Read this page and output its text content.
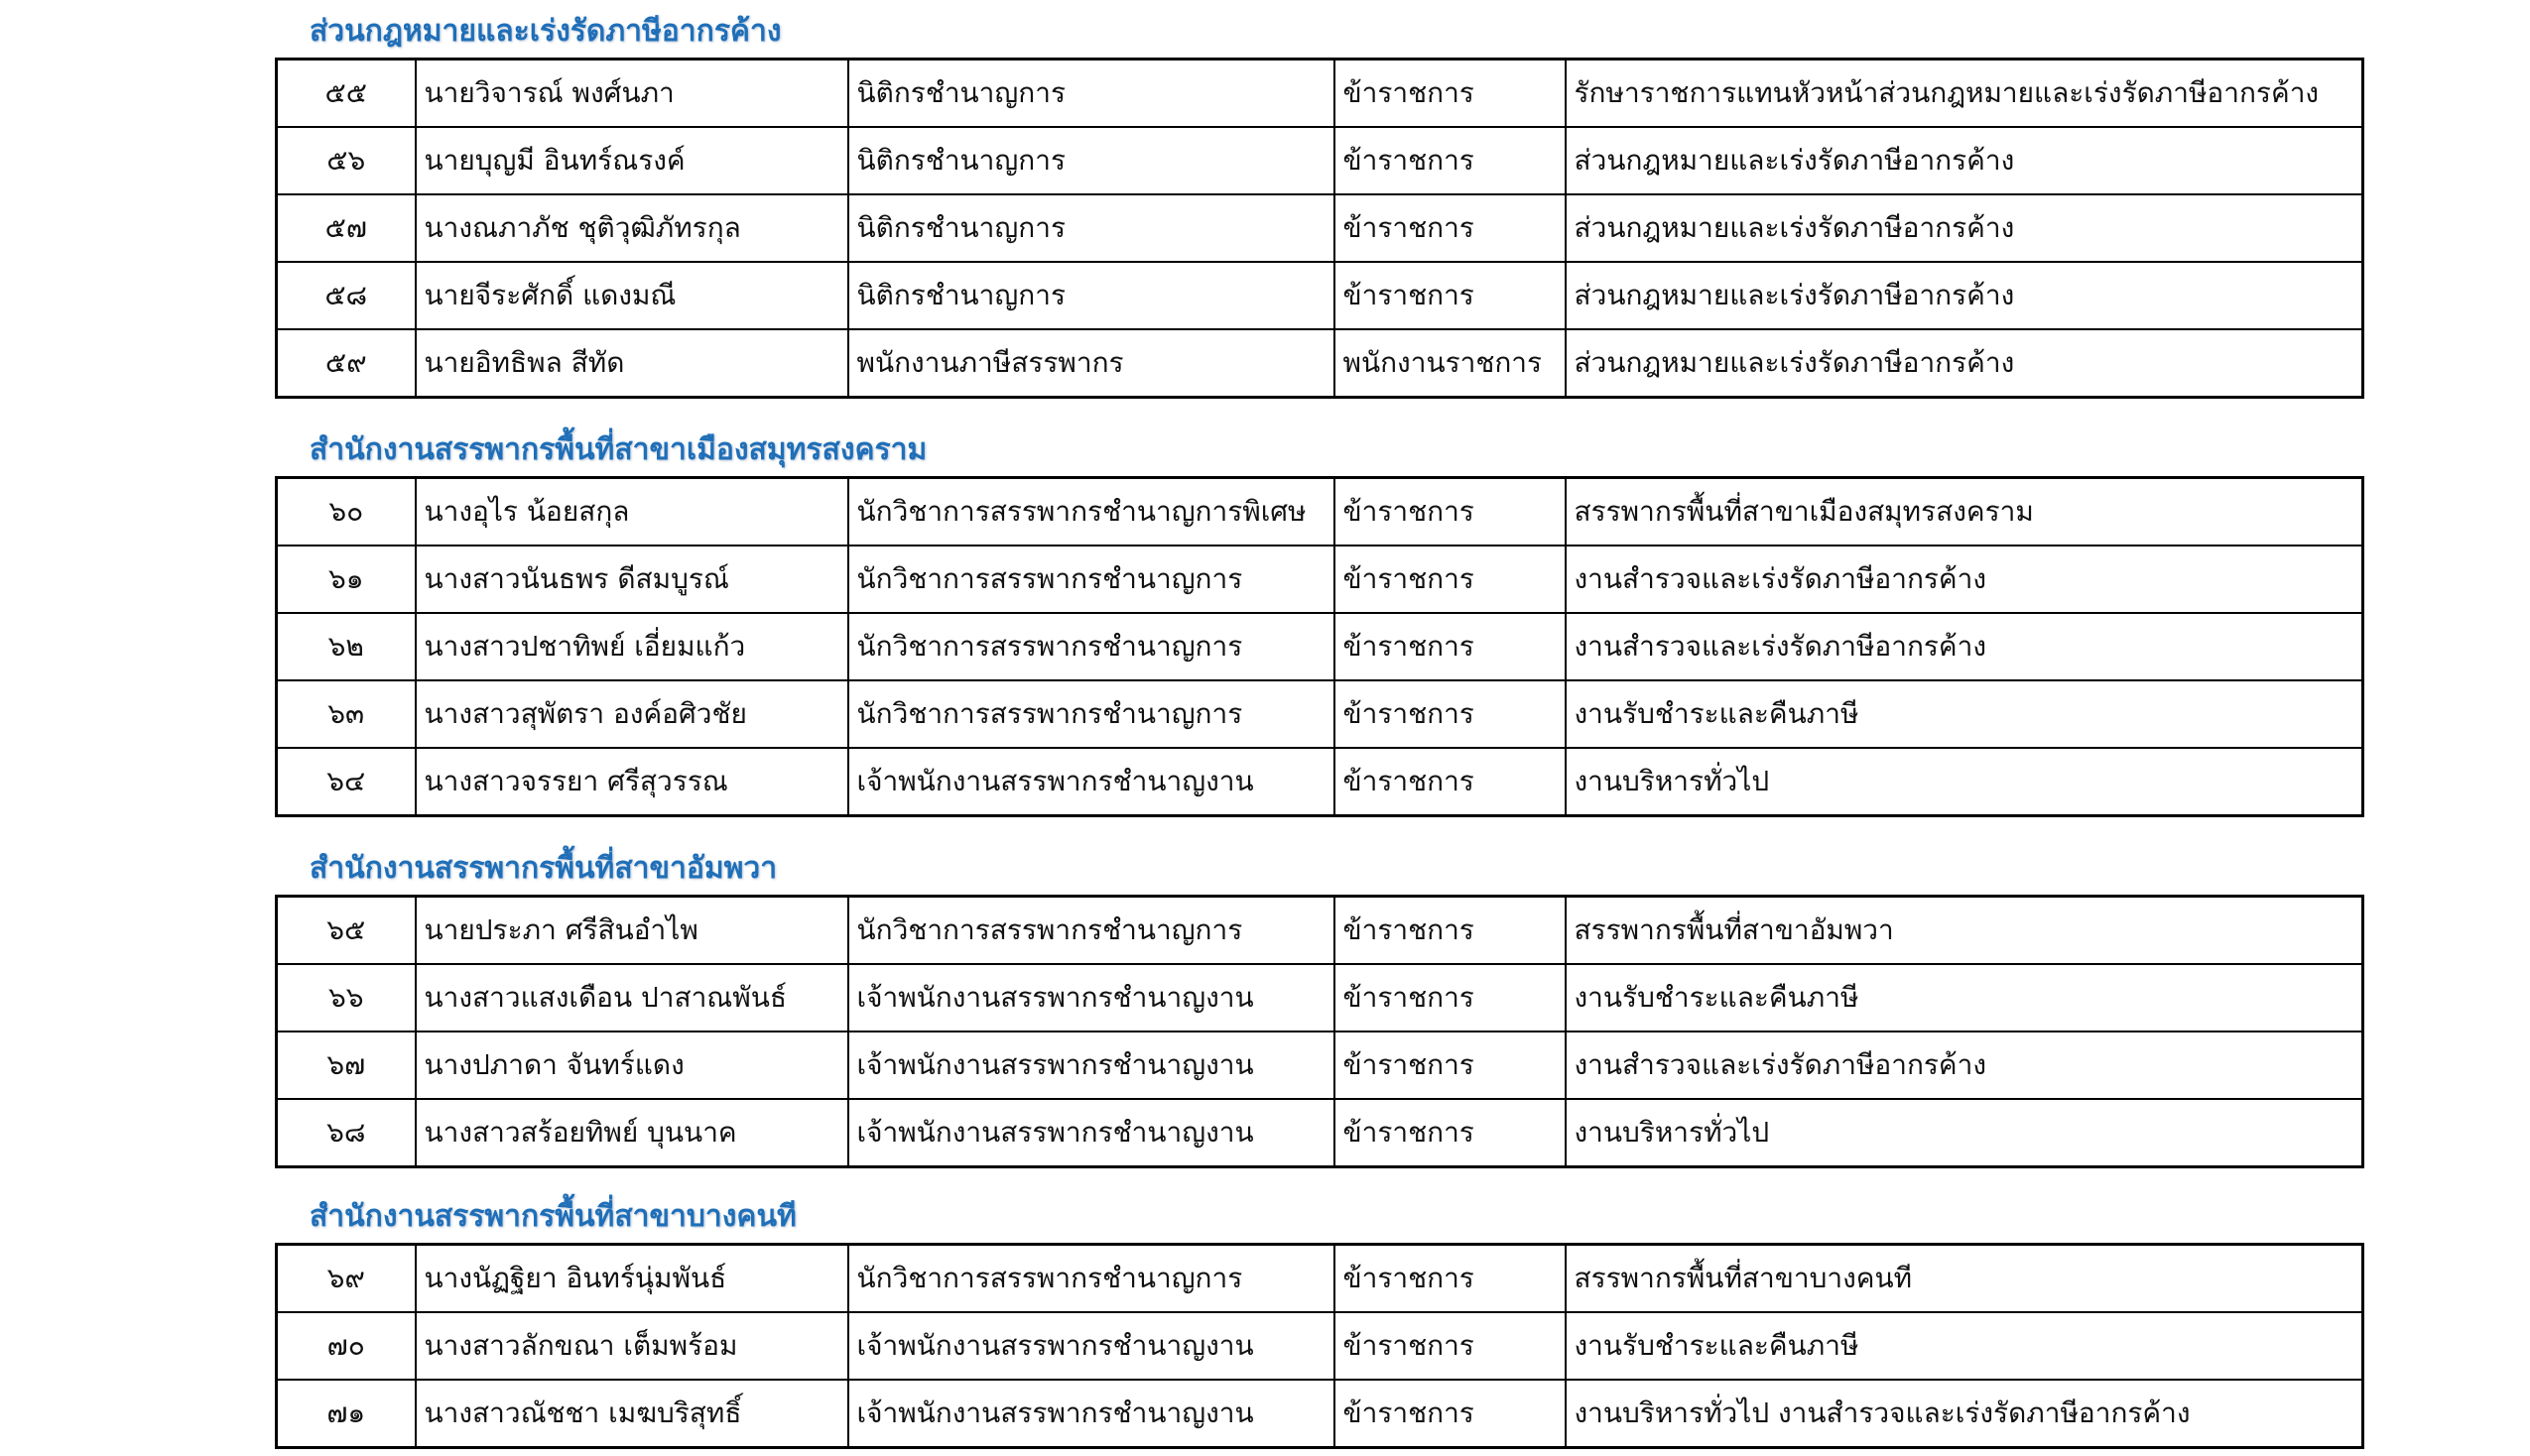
ส่วนกฎหมายและเร่งรัดภาษีอากรค้าง
๕๕	นายวิจารณ์ พงศ์นภา	นิติกรชำนาญการ	ข้าราชการ	รักษาราชการแทนหัวหน้าส่วนกฎหมายและเร่งรัดภาษีอากรค้าง
๕๖	นายบุญมี อินทร์ณรงค์	นิติกรชำนาญการ	ข้าราชการ	ส่วนกฎหมายและเร่งรัดภาษีอากรค้าง
๕๗	นางณภาภัช ชุติวุฒิภัทรกุล	นิติกรชำนาญการ	ข้าราชการ	ส่วนกฎหมายและเร่งรัดภาษีอากรค้าง
๕๘	นายจีระศักดิ์ แดงมณี	นิติกรชำนาญการ	ข้าราชการ	ส่วนกฎหมายและเร่งรัดภาษีอากรค้าง
๕๙	นายอิทธิพล สีทัด	พนักงานภาษีสรรพากร	พนักงานราชการ	ส่วนกฎหมายและเร่งรัดภาษีอากรค้าง
สำนักงานสรรพากรพื้นที่สาขาเมืองสมุทรสงคราม
๖๐	นางอุไร น้อยสกุล	นักวิชาการสรรพากรชำนาญการพิเศษ	ข้าราชการ	สรรพากรพื้นที่สาขาเมืองสมุทรสงคราม
๖๑	นางสาวนันธพร ดีสมบูรณ์	นักวิชาการสรรพากรชำนาญการ	ข้าราชการ	งานสำรวจและเร่งรัดภาษีอากรค้าง
๖๒	นางสาวปชาทิพย์ เอี่ยมแก้ว	นักวิชาการสรรพากรชำนาญการ	ข้าราชการ	งานสำรวจและเร่งรัดภาษีอากรค้าง
๖๓	นางสาวสุพัตรา องค์อศิวชัย	นักวิชาการสรรพากรชำนาญการ	ข้าราชการ	งานรับชำระและคืนภาษี
๖๔	นางสาวจรรยา ศรีสุวรรณ	เจ้าพนักงานสรรพากรชำนาญงาน	ข้าราชการ	งานบริหารทั่วไป
สำนักงานสรรพากรพื้นที่สาขาอัมพวา
๖๕	นายประภา ศรีสินอำไพ	นักวิชาการสรรพากรชำนาญการ	ข้าราชการ	สรรพากรพื้นที่สาขาอัมพวา
๖๖	นางสาวแสงเดือน ปาสาณพันธ์	เจ้าพนักงานสรรพากรชำนาญงาน	ข้าราชการ	งานรับชำระและคืนภาษี
๖๗	นางปภาดา จันทร์แดง	เจ้าพนักงานสรรพากรชำนาญงาน	ข้าราชการ	งานสำรวจและเร่งรัดภาษีอากรค้าง
๖๘	นางสาวสร้อยทิพย์ บุนนาค	เจ้าพนักงานสรรพากรชำนาญงาน	ข้าราชการ	งานบริหารทั่วไป
สำนักงานสรรพากรพื้นที่สาขาบางคนที
๖๙	นางนัฏฐิยา อินทร์นุ่มพันธ์	นักวิชาการสรรพากรชำนาญการ	ข้าราชการ	สรรพากรพื้นที่สาขาบางคนที
๗๐	นางสาวลักขณา เต็มพร้อม	เจ้าพนักงานสรรพากรชำนาญงาน	ข้าราชการ	งานรับชำระและคืนภาษี
๗๑	นางสาวณัชชา เมฆบริสุทธิ์	เจ้าพนักงานสรรพากรชำนาญงาน	ข้าราชการ	งานบริหารทั่วไป งานสำรวจและเร่งรัดภาษีอากรค้าง
